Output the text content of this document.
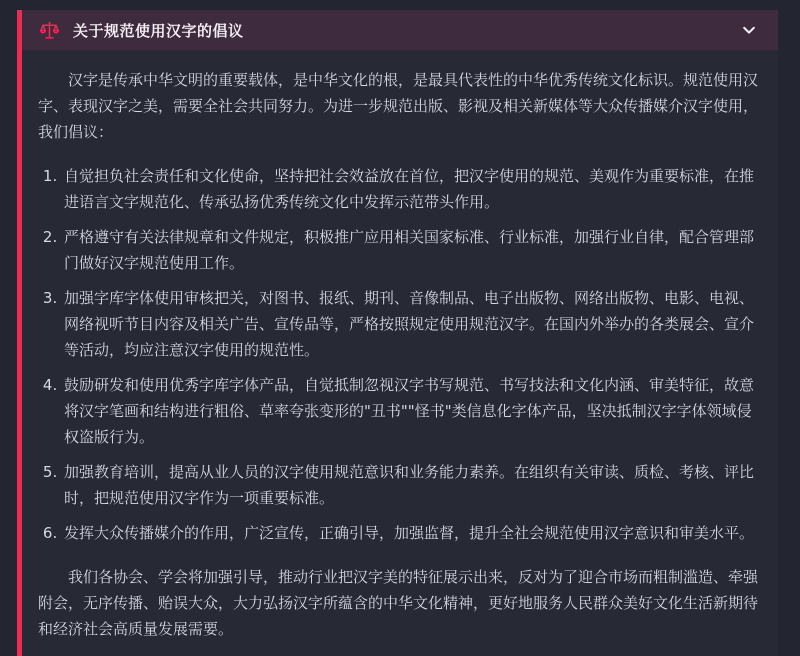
关于规范使用汉字的倡议

汉字是传承中华文明的重要载体，是中华文化的根，是最具代表性的中华优秀传统文化标识。规范使用汉字、表现汉字之美，需要全社会共同努力。为进一步规范出版、影视及相关新媒体等大众传播媒介汉字使用，我们倡议：

1. 自觉担负社会责任和文化使命，坚持把社会效益放在首位，把汉字使用的规范、美观作为重要标准，在推进语言文字规范化、传承弘扬优秀传统文化中发挥示范带头作用。
2. 严格遵守有关法律规章和文件规定，积极推广应用相关国家标准、行业标准，加强行业自律，配合管理部门做好汉字规范使用工作。
3. 加强字库字体使用审核把关，对图书、报纸、期刊、音像制品、电子出版物、网络出版物、电影、电视、网络视听节目内容及相关广告、宣传品等，严格按照规定使用规范汉字。在国内外举办的各类展会、宣介等活动，均应注意汉字使用的规范性。
4. 鼓励研发和使用优秀字库字体产品，自觉抵制忽视汉字书写规范、书写技法和文化内涵、审美特征，故意将汉字笔画和结构进行粗俗、草率夸张变形的"丑书""怪书"类信息化字体产品，坚决抵制汉字字体领域侵权盗版行为。
5. 加强教育培训，提高从业人员的汉字使用规范意识和业务能力素养。在组织有关审读、质检、考核、评比时，把规范使用汉字作为一项重要标准。
6. 发挥大众传播媒介的作用，广泛宣传，正确引导，加强监督，提升全社会规范使用汉字意识和审美水平。

我们各协会、学会将加强引导，推动行业把汉字美的特征展示出来，反对为了迎合市场而粗制滥造、牵强附会，无序传播、贻误大众，大力弘扬汉字所蕴含的中华文化精神，更好地服务人民群众美好文化生活新期待和经济社会高质量发展需要。
